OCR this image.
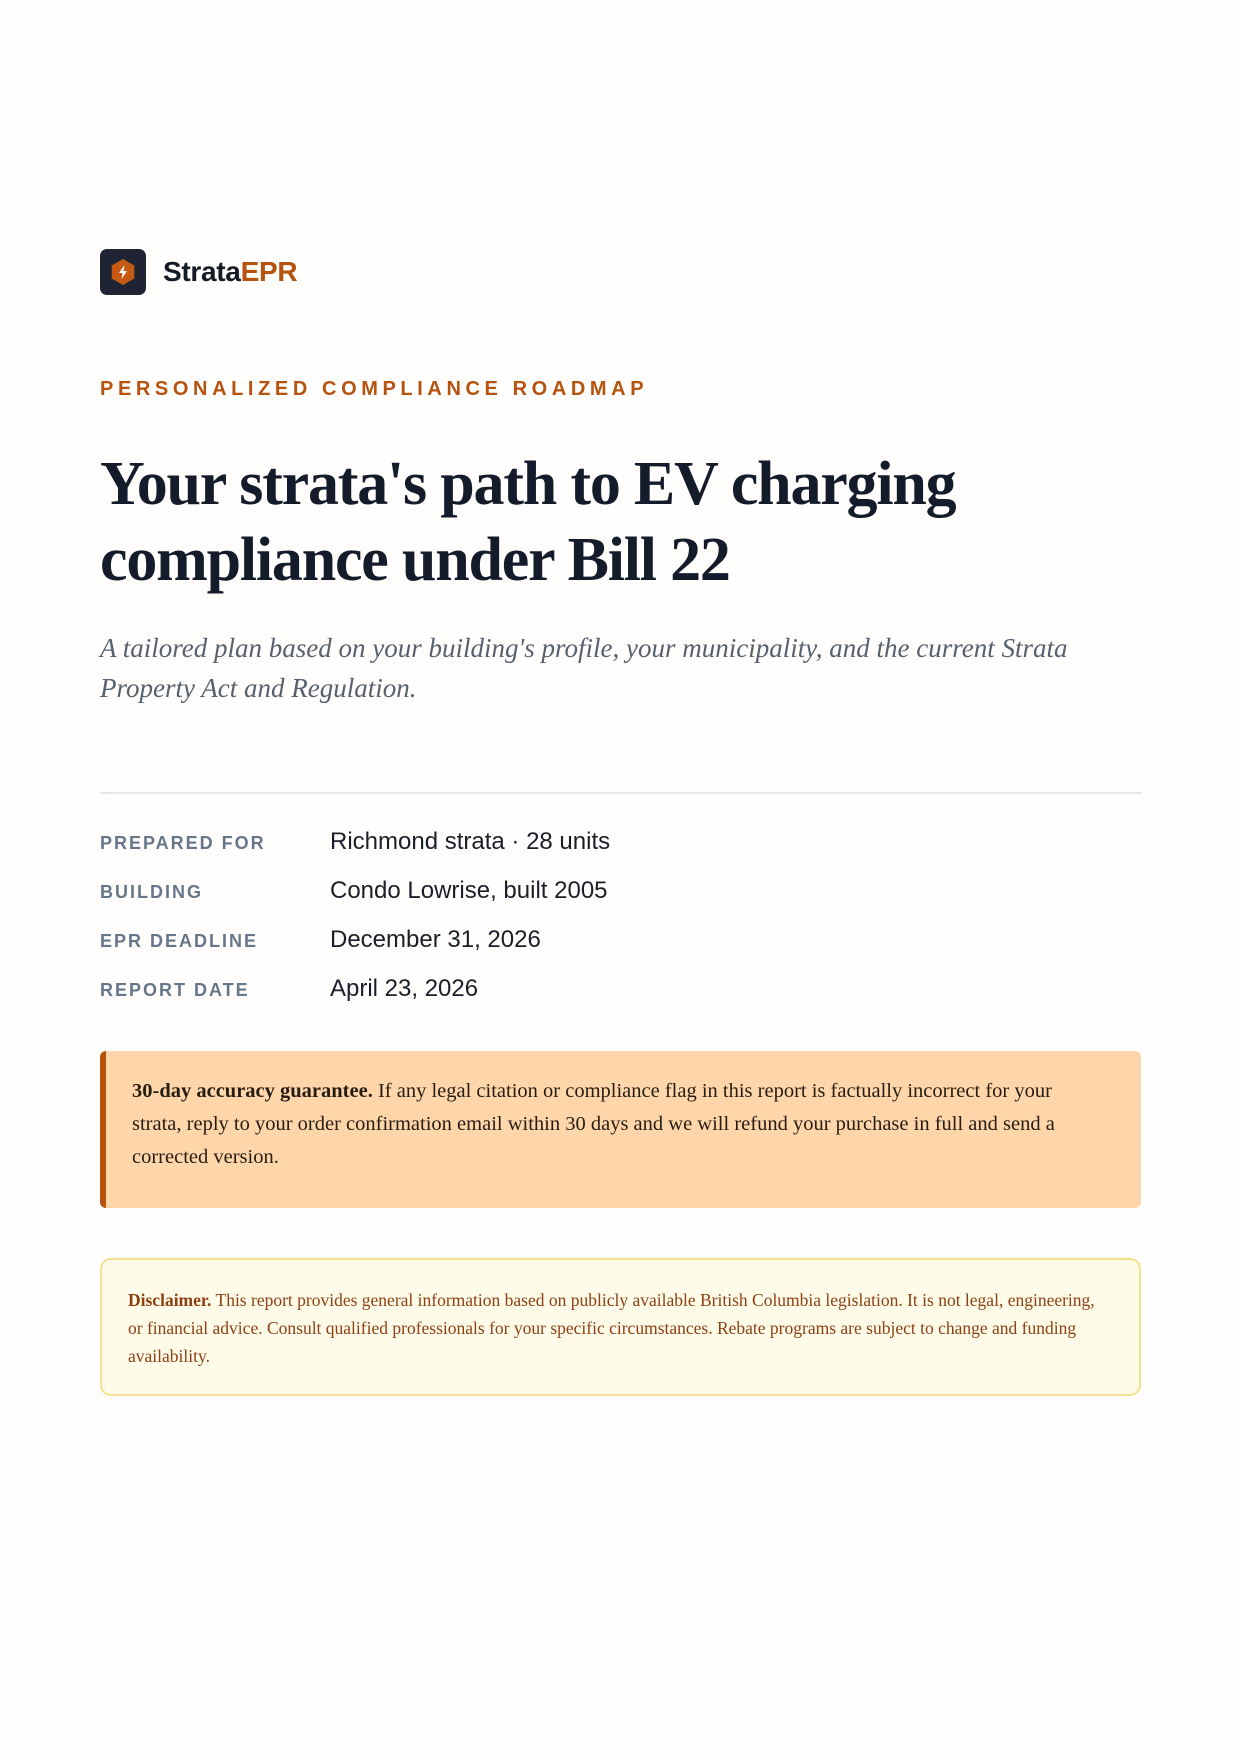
StrataEPR
PERSONALIZED COMPLIANCE ROADMAP
Your strata's path to EV charging compliance under Bill 22

A tailored plan based on your building's profile, your municipality, and the current Strata Property Act and Regulation.

PREPARED FOR	Richmond strata · 28 units
BUILDING	Condo Lowrise, built 2005
EPR DEADLINE	December 31, 2026
REPORT DATE	April 23, 2026
30-day accuracy guarantee. If any legal citation or compliance flag in this report is factually incorrect for your strata, reply to your order confirmation email within 30 days and we will refund your purchase in full and send a corrected version.
Disclaimer. This report provides general information based on publicly available British Columbia legislation. It is not legal, engineering, or financial advice. Consult qualified professionals for your specific circumstances. Rebate programs are subject to change and funding availability.
